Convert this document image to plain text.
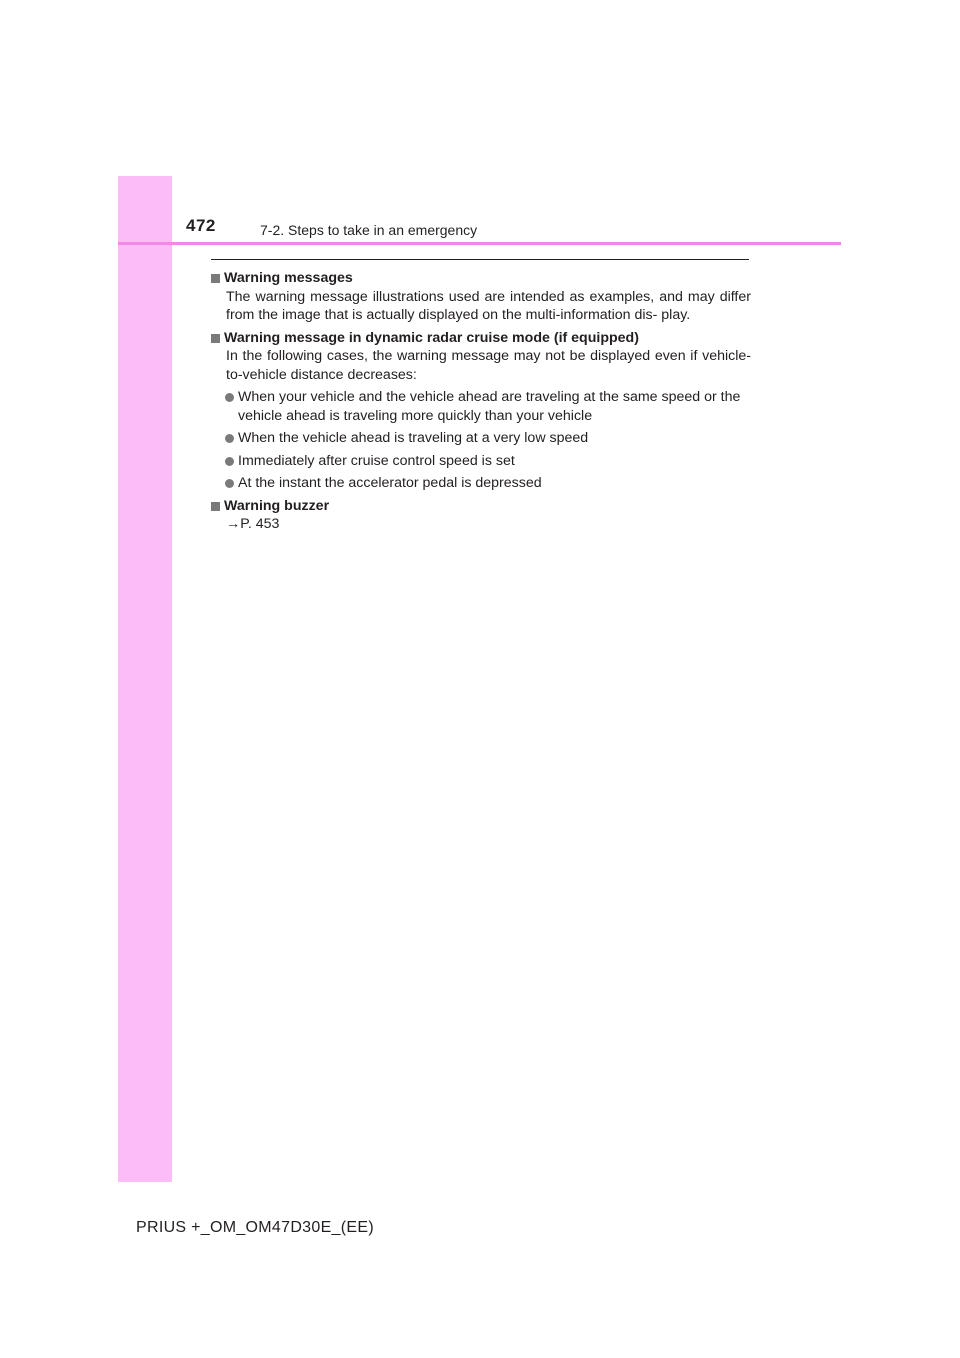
472	7-2. Steps to take in an emergency
Warning messages
The warning message illustrations used are intended as examples, and may differ from the image that is actually displayed on the multi-information dis- play.
Warning message in dynamic radar cruise mode (if equipped)
In the following cases, the warning message may not be displayed even if vehicle-to-vehicle distance decreases:
When your vehicle and the vehicle ahead are traveling at the same speed or the vehicle ahead is traveling more quickly than your vehicle
When the vehicle ahead is traveling at a very low speed
Immediately after cruise control speed is set
At the instant the accelerator pedal is depressed
Warning buzzer
→P. 453
PRIUS +_OM_OM47D30E_(EE)
